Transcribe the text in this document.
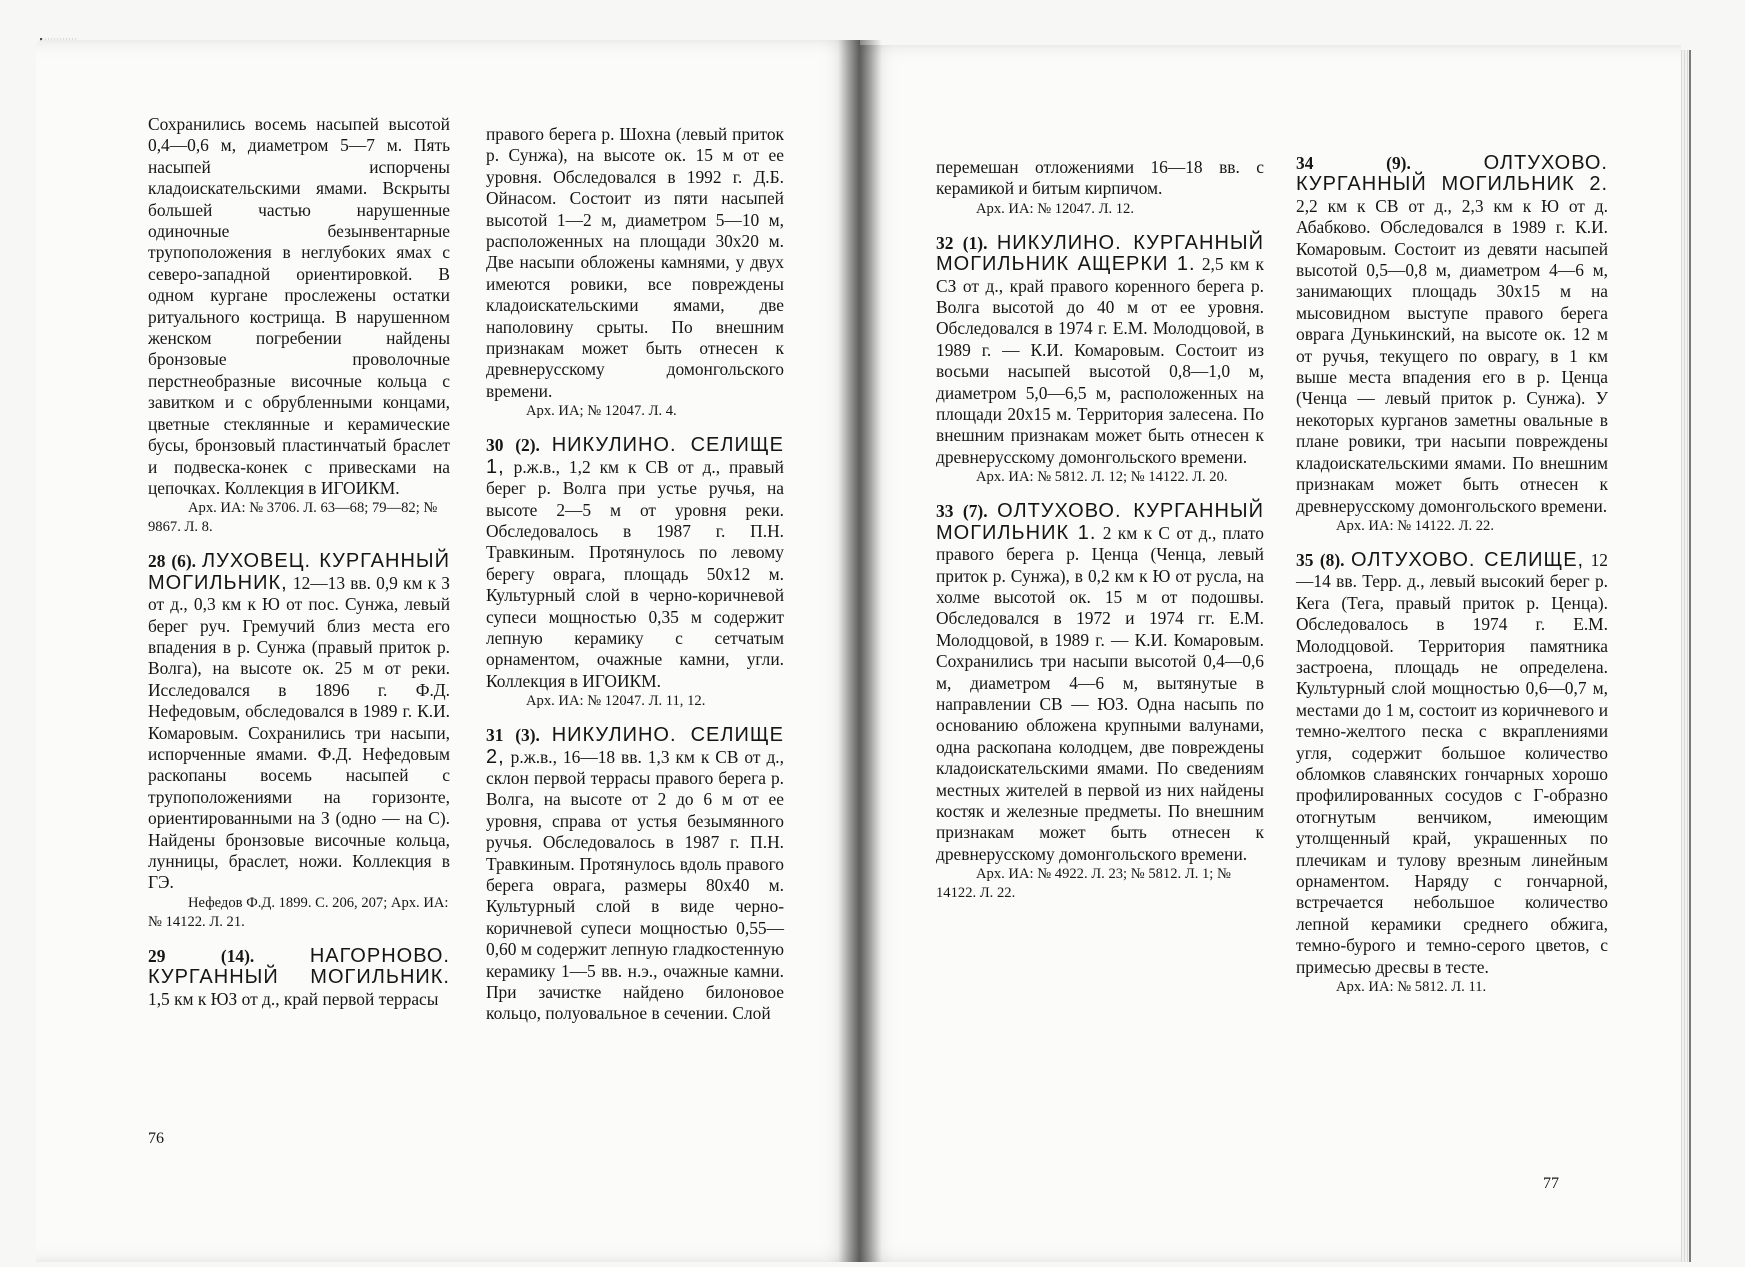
Сохранились восемь насыпей высотой 0,4—0,6 м, диаметром 5—7 м. Пять насыпей испорчены кладоискательскими ямами. Вскрыты большей частью нарушенные одиночные безынвентарные трупоположения в неглубоких ямах с северо-западной ориентировкой. В одном кургане прослежены остатки ритуального кострища. В нарушенном женском погребении найдены бронзовые проволочные перстнеобразные височные кольца с завитком и с обрубленными концами, цветные стеклянные и керамические бусы, бронзовый пластинчатый браслет и подвеска-конек с привесками на цепочках. Коллекция в ИГОИКМ.

Арх. ИА: № 3706. Л. 63—68; 79—82; № 9867. Л. 8.

28 (6). ЛУХОВЕЦ. КУРГАННЫЙ МОГИЛЬНИК, 12—13 вв. 0,9 км к З от д., 0,3 км к Ю от пос. Сунжа, левый берег руч. Гремучий близ места его впадения в р. Сунжа (правый приток р. Волга), на высоте ок. 25 м от реки. Исследовался в 1896 г. Ф.Д. Нефедовым, обследовался в 1989 г. К.И. Комаровым. Сохранились три насыпи, испорченные ямами. Ф.Д. Нефедовым раскопаны восемь насыпей с трупоположениями на горизонте, ориентированными на З (одно — на С). Найдены бронзовые височные кольца, лунницы, браслет, ножи. Коллекция в ГЭ.

Нефедов Ф.Д. 1899. С. 206, 207; Арх. ИА: № 14122. Л. 21.

29 (14).	НАГОРНОВО. КУРГАННЫЙ МОГИЛЬНИК. 1,5 км к ЮЗ от д., край первой террасы

правого берега р. Шохна (левый приток р. Сунжа), на высоте ок. 15 м от ее уровня. Обследовался в 1992 г. Д.Б. Ойнасом. Состоит из пяти насыпей высотой 1—2 м, диаметром 5—10 м, расположенных на площади 30х20 м. Две насыпи обложены камнями, у двух имеются ровики, все повреждены кладоискательскими ямами, две наполовину срыты. По внешним признакам может быть отнесен к древнерусскому домонгольского времени.

Арх. ИА; № 12047. Л. 4.

30 (2). НИКУЛИНО. СЕЛИЩЕ 1, р.ж.в., 1,2 км к СВ от д., правый берег р. Волга при устье ручья, на высоте 2—5 м от уровня реки. Обследовалось в 1987 г. П.Н. Травкиным. Протянулось по левому берегу оврага, площадь 50х12 м. Культурный слой в черно-коричневой супеси мощностью 0,35 м содержит лепную керамику с сетчатым орнаментом, очажные камни, угли. Коллекция в ИГОИКМ.

Арх. ИА: № 12047. Л. 11, 12.

31 (3). НИКУЛИНО. СЕЛИЩЕ 2, р.ж.в., 16—18 вв. 1,3 км к СВ от д., склон первой террасы правого берега р. Волга, на высоте от 2 до 6 м от ее уровня, справа от устья безымянного ручья. Обследовалось в 1987 г. П.Н. Травкиным. Протянулось вдоль правого берега оврага, размеры 80х40 м. Культурный слой в виде черно-коричневой супеси мощностью 0,55—0,60 м содержит лепную гладкостенную керамику 1—5 вв. н.э., очажные камни. При зачистке найдено билоновое кольцо, полуовальное в сечении. Слой

76

перемешан отложениями 16—18 вв. с керамикой и битым кирпичом.

Арх. ИА: № 12047. Л. 12.

32 (1). НИКУЛИНО. КУРГАННЫЙ МОГИЛЬНИК АЩЕРКИ 1. 2,5 км к СЗ от д., край правого коренного берега р. Волга высотой до 40 м от ее уровня. Обследовался в 1974 г. Е.М. Молодцовой, в 1989 г. — К.И. Комаровым. Состоит из восьми насыпей высотой 0,8—1,0 м, диаметром 5,0—6,5 м, расположенных на площади 20х15 м. Территория залесена. По внешним признакам может быть отнесен к древнерусскому домонгольского времени.

Арх. ИА: № 5812. Л. 12; № 14122. Л. 20.

33 (7). ОЛТУХОВО. КУРГАННЫЙ МОГИЛЬНИК 1. 2 км к С от д., плато правого берега р. Ценца (Ченца, левый приток р. Сунжа), в 0,2 км к Ю от русла, на холме высотой ок. 15 м от подошвы. Обследовался в 1972 и 1974 гг. Е.М. Молодцовой, в 1989 г. — К.И. Комаровым. Сохранились три насыпи высотой 0,4—0,6 м, диаметром 4—6 м, вытянутые в направлении СВ — ЮЗ. Одна насыпь по основанию обложена крупными валунами, одна раскопана колодцем, две повреждены кладоискательскими ямами. По сведениям местных жителей в первой из них найдены костяк и железные предметы. По внешним признакам может быть отнесен к древнерусскому домонгольского времени.

Арх. ИА: № 4922. Л. 23; № 5812. Л. 1; № 14122. Л. 22.

34 (9).	ОЛТУХОВО. КУРГАННЫЙ МОГИЛЬНИК 2. 2,2 км к СВ от д., 2,3 км к Ю от д. Абабково. Обследовался в 1989 г. К.И. Комаровым. Состоит из девяти насыпей высотой 0,5—0,8 м, диаметром 4—6 м, занимающих площадь 30х15 м на мысовидном выступе правого берега оврага Дунькинский, на высоте ок. 12 м от ручья, текущего по оврагу, в 1 км выше места впадения его в р. Ценца (Ченца — левый приток р. Сунжа). У некоторых курганов заметны овальные в плане ровики, три насыпи повреждены кладоискательскими ямами. По внешним признакам может быть отнесен к древнерусскому домонгольского времени.

Арх. ИА: № 14122. Л. 22.

35 (8). ОЛТУХОВО. СЕЛИЩЕ, 12—14 вв. Терр. д., левый высокий берег р. Кега (Тега, правый приток р. Ценца). Обследовалось в 1974 г. Е.М. Молодцовой. Территория памятника застроена, площадь не определена. Культурный слой мощностью 0,6—0,7 м, местами до 1 м, состоит из коричневого и темно-желтого песка с вкраплениями угля, содержит большое количество обломков славянских гончарных хорошо профилированных сосудов с Г-образно отогнутым венчиком, имеющим утолщенный край, украшенных по плечикам и тулову врезным линейным орнаментом. Наряду с гончарной, встречается небольшое количество лепной керамики среднего обжига, темно-бурого и темно-серого цветов, с примесью дресвы в тесте.

Арх. ИА: № 5812. Л. 11.

77
